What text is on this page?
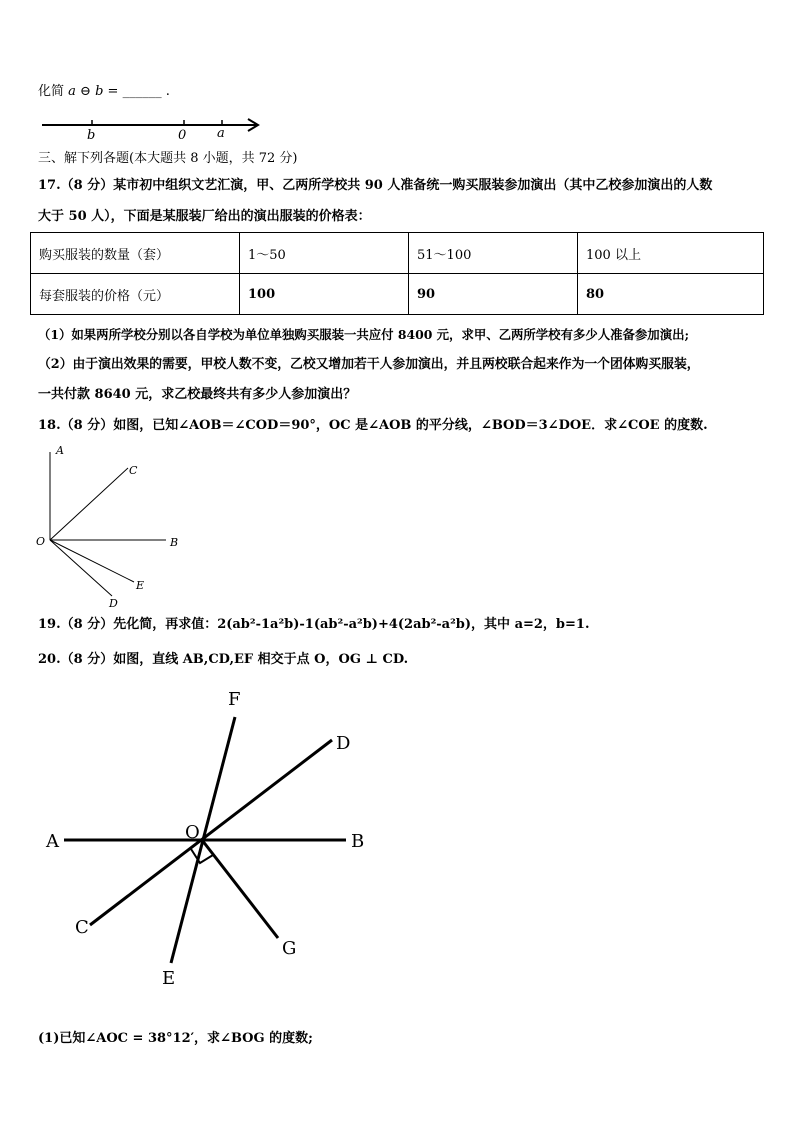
化简 a ⊖ b = ______ .
b	0 a
三、解下列各题(本大题共 8 小题，共 72 分)
17.（8 分）某市初中组织文艺汇演，甲、乙两所学校共 90 人准备统一购买服装参加演出（其中乙校参加演出的人数
大于 50 人），下面是某服装厂给出的演出服装的价格表：
购买服装的数量（套）	1～50	51～100	100 以上
每套服装的价格（元）	100	90	80
（1）如果两所学校分别以各自学校为单位单独购买服装一共应付 8400 元，求甲、乙两所学校有多少人准备参加演出;
（2）由于演出效果的需要，甲校人数不变，乙校又增加若干人参加演出，并且两校联合起来作为一个团体购买服装，
一共付款 8640 元，求乙校最终共有多少人参加演出？
18.（8 分）如图，已知∠AOB＝∠COD＝90°，OC 是∠AOB 的平分线，∠BOD＝3∠DOE．求∠COE 的度数.
A
C
O	B
E
D
19.（8 分）先化简，再求值：2(ab²-1a²b)-1(ab²-a²b)+4(2ab²-a²b)，其中 a=2，b=1.
20.（8 分）如图，直线 AB,CD,EF 相交于点 O，OG ⊥ CD.
F
D
A	O	B
C
G
E
(1)已知∠AOC = 38°12′，求∠BOG 的度数;
